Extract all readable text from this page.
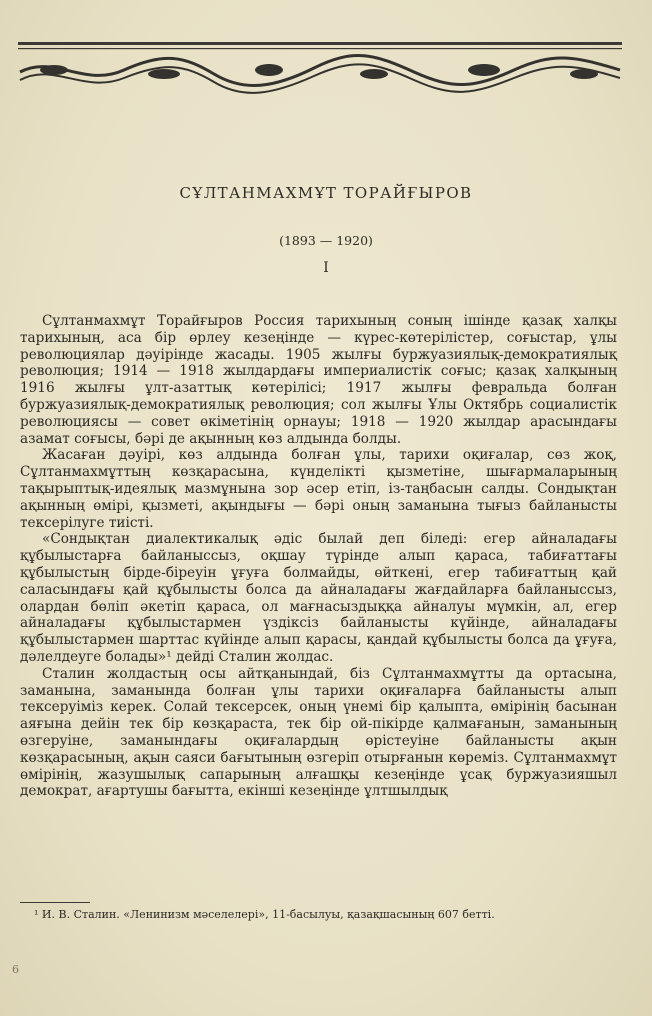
СҰЛТАНМАХМҰТ ТОРАЙҒЫРОВ
(1893 — 1920)
I

Сұлтанмахмұт Торайғыров Россия тарихының соның ішінде қазақ халқы тарихының, аса бір өрлеу кезеңінде — күрес-көтерілістер, соғыстар, ұлы революциялар дәуірінде жасады. 1905 жылғы буржуазиялық-демократиялық революция; 1914 — 1918 жылдардағы империалистік соғыс; қазақ халқының 1916 жылғы ұлт-азаттық көтерілісі; 1917 жылғы февральда болған буржуазиялық-демократиялық революция; сол жылғы Ұлы Октябрь социалистік революциясы — совет өкіметінің орнауы; 1918 — 1920 жылдар арасындағы азамат соғысы, бәрі де ақынның көз алдында болды.

Жасаған дәуірі, көз алдында болған ұлы, тарихи оқиғалар, сөз жоқ, Сұлтанмахмұттың көзқарасына, күнделікті қызметіне, шығармаларының тақырыптық-идеялық мазмұнына зор әсер етіп, із-таңбасын салды. Сондықтан ақынның өмірі, қызметі, ақындығы — бәрі оның заманына тығыз байланысты тексерілуге тиісті.

«Сондықтан диалектикалық әдіс былай деп біледі: егер айналадағы құбылыстарға байланыссыз, оқшау түрінде алып қараса, табиғаттағы құбылыстың бірде-біреуін ұғуға болмайды, өйткені, егер табиғаттың қай саласындағы қай құбылысты болса да айналадағы жағдайларға байланыссыз, олардан бөліп әкетіп қараса, ол мағнасыздыққа айналуы мүмкін, ал, егер айналадағы құбылыстармен үздіксіз байланысты күйінде, айналадағы құбылыстармен шарттас күйінде алып қарасы, қандай құбылысты болса да ұғуға, дәлелдеуге болады»¹ дейді Сталин жолдас.

Сталин жолдастың осы айтқанындай, біз Сұлтанмахмұтты да ортасына, заманына, заманында болған ұлы тарихи оқиғаларға байланысты алып тексеруіміз керек. Солай тексерсек, оның үнемі бір қалыпта, өмірінің басынан аяғына дейін тек бір көзқараста, тек бір ой-пікірде қалмағанын, заманының өзгеруіне, заманындағы оқиғалардың өрістеуіне байланысты ақын көзқарасының, ақын саяси бағытының өзгеріп отырғанын көреміз. Сұлтанмахмұт өмірінің, жазушылық сапарының алғашқы кезеңінде ұсақ буржуазияшыл демократ, ағартушы бағытта, екінші кезеңінде ұлтшылдық

¹ И. В. Сталин. «Ленинизм мәселелері», 11-басылуы, қазақшасының 607 бетті.
6
